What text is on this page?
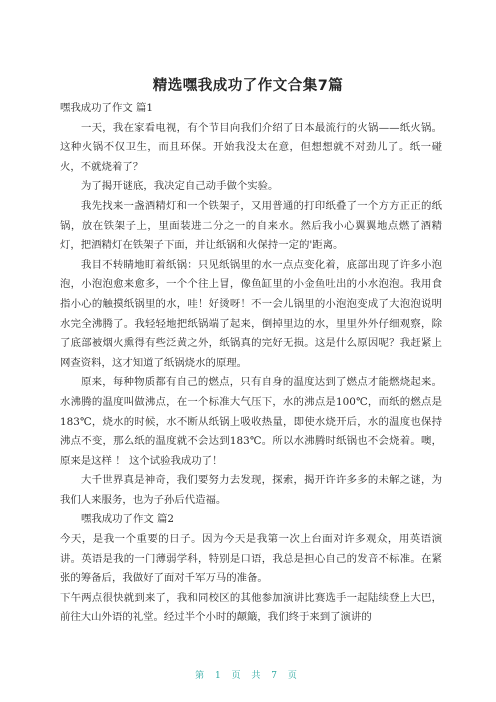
精选嘿我成功了作文合集7篇

嘿我成功了作文 篇1

一天，我在家看电视，有个节目向我们介绍了日本最流行的火锅——纸火锅。这种火锅不仅卫生，而且环保。开始我没太在意，但想想就不对劲儿了。纸一碰火，不就烧着了？

为了揭开谜底，我决定自己动手做个实验。

我先找来一盏酒精灯和一个铁架子，又用普通的打印纸叠了一个方方正正的纸锅，放在铁架子上，里面装进二分之一的自来水。然后我小心翼翼地点燃了酒精灯，把酒精灯在铁架子下面，并让纸锅和火保持一定的'距离。

我目不转睛地盯着纸锅：只见纸锅里的水一点点变化着，底部出现了许多小泡泡，小泡泡愈来愈多，一个个往上冒，像鱼缸里的小金鱼吐出的小水泡泡。我用食指小心的触摸纸锅里的水，哇！好烫呀！不一会儿锅里的小泡泡变成了大泡泡说明水完全沸腾了。我轻轻地把纸锅端了起来，倒掉里边的水，里里外外仔细观察，除了底部被烟火熏得有些泛黄之外，纸锅真的完好无损。这是什么原因呢？我赶紧上网查资料，这才知道了纸锅烧水的原理。

原来，每种物质都有自己的燃点，只有自身的温度达到了燃点才能燃烧起来。水沸腾的温度叫做沸点，在一个标准大气压下，水的沸点是100℃，而纸的燃点是183℃，烧水的时候，水不断从纸锅上吸收热量，即使水烧开后，水的温度也保持沸点不变，那么纸的温度就不会达到183℃。所以水沸腾时纸锅也不会烧着。噢，原来是这样 ！ 这个试验我成功了！

大千世界真是神奇，我们要努力去发现，探索，揭开许许多多的未解之谜，为我们人来服务，也为子孙后代造福。

嘿我成功了作文 篇2

今天，是我一个重要的日子。因为今天是我第一次上台面对许多观众，用英语演讲。英语是我的一门薄弱学科，特别是口语，我总是担心自己的发音不标准。在紧张的筹备后，我做好了面对千军万马的准备。

下午两点很快就到来了，我和同校区的其他参加演讲比赛选手一起陆续登上大巴，前往大山外语的礼堂。经过半个小时的颠簸，我们终于来到了演讲的

第 1 页 共 7 页
